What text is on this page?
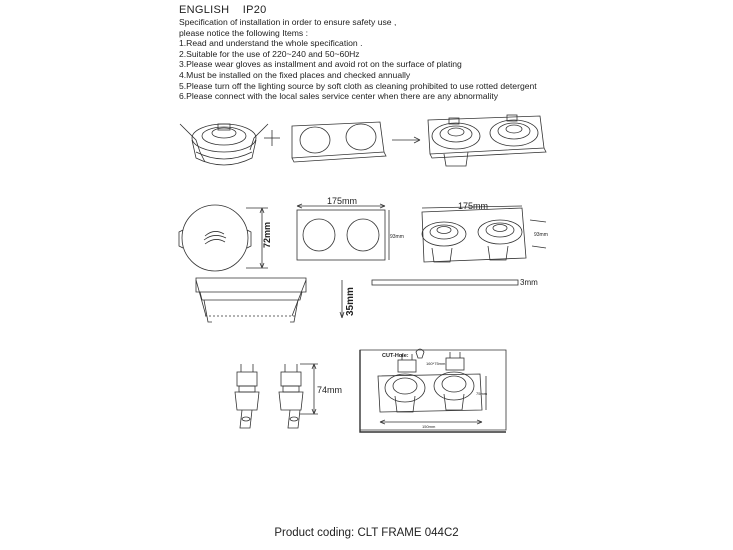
ENGLISH IP20
Specification of installation in order to ensure safety use ,
please notice the following Items :
1.Read and understand the whole specification .
2.Suitable for the use of 220~240 and 50~60Hz
3.Please wear gloves as installment and avoid rot on the surface of plating
4.Must be installed on the fixed places and checked annually
5.Please turn off the lighting source by soft cloth as cleaning prohibited to use rotted detergent
6.Please connect with the local sales service center when there are any abnormality
72mm
175mm
93mm
175mm
93mm
35mm
3mm
74mm
CUT-Hole:
160*75mm
75mm
150mm
Product coding: CLT FRAME 044C2
